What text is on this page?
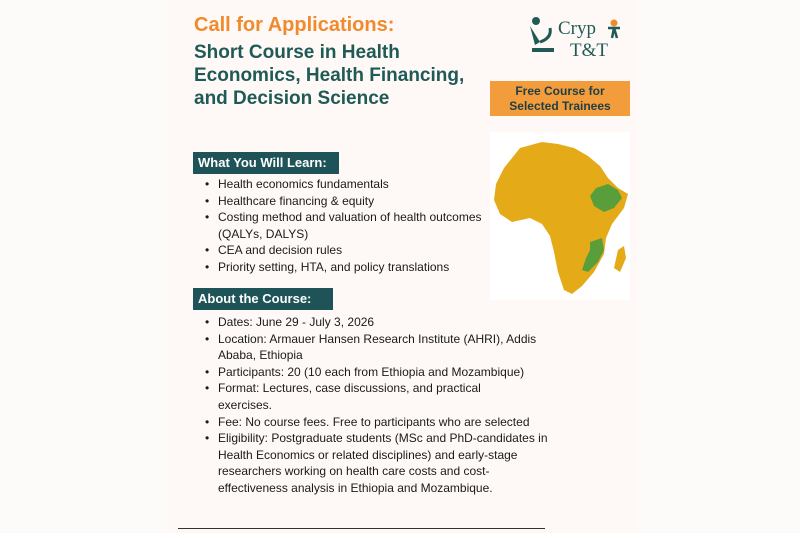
Call for Applications:

Short Course in Health Economics, Health Financing, and Decision Science

Cryp
T&T
Free Course for
Selected Trainees
What You Will Learn:
• Health economics fundamentals
• Healthcare financing & equity
• Costing method and valuation of health outcomes (QALYs, DALYS)
• CEA and decision rules
• Priority setting, HTA, and policy translations
About the Course:
• Dates: June 29 - July 3, 2026
• Location: Armauer Hansen Research Institute (AHRI), Addis Ababa, Ethiopia
• Participants: 20 (10 each from Ethiopia and Mozambique)
• Format: Lectures, case discussions, and practical exercises.
• Fee: No course fees. Free to participants who are selected
• Eligibility: Postgraduate students (MSc and PhD-candidates in Health Economics or related disciplines) and early-stage researchers working on health care costs and cost-effectiveness analysis in Ethiopia and Mozambique.
